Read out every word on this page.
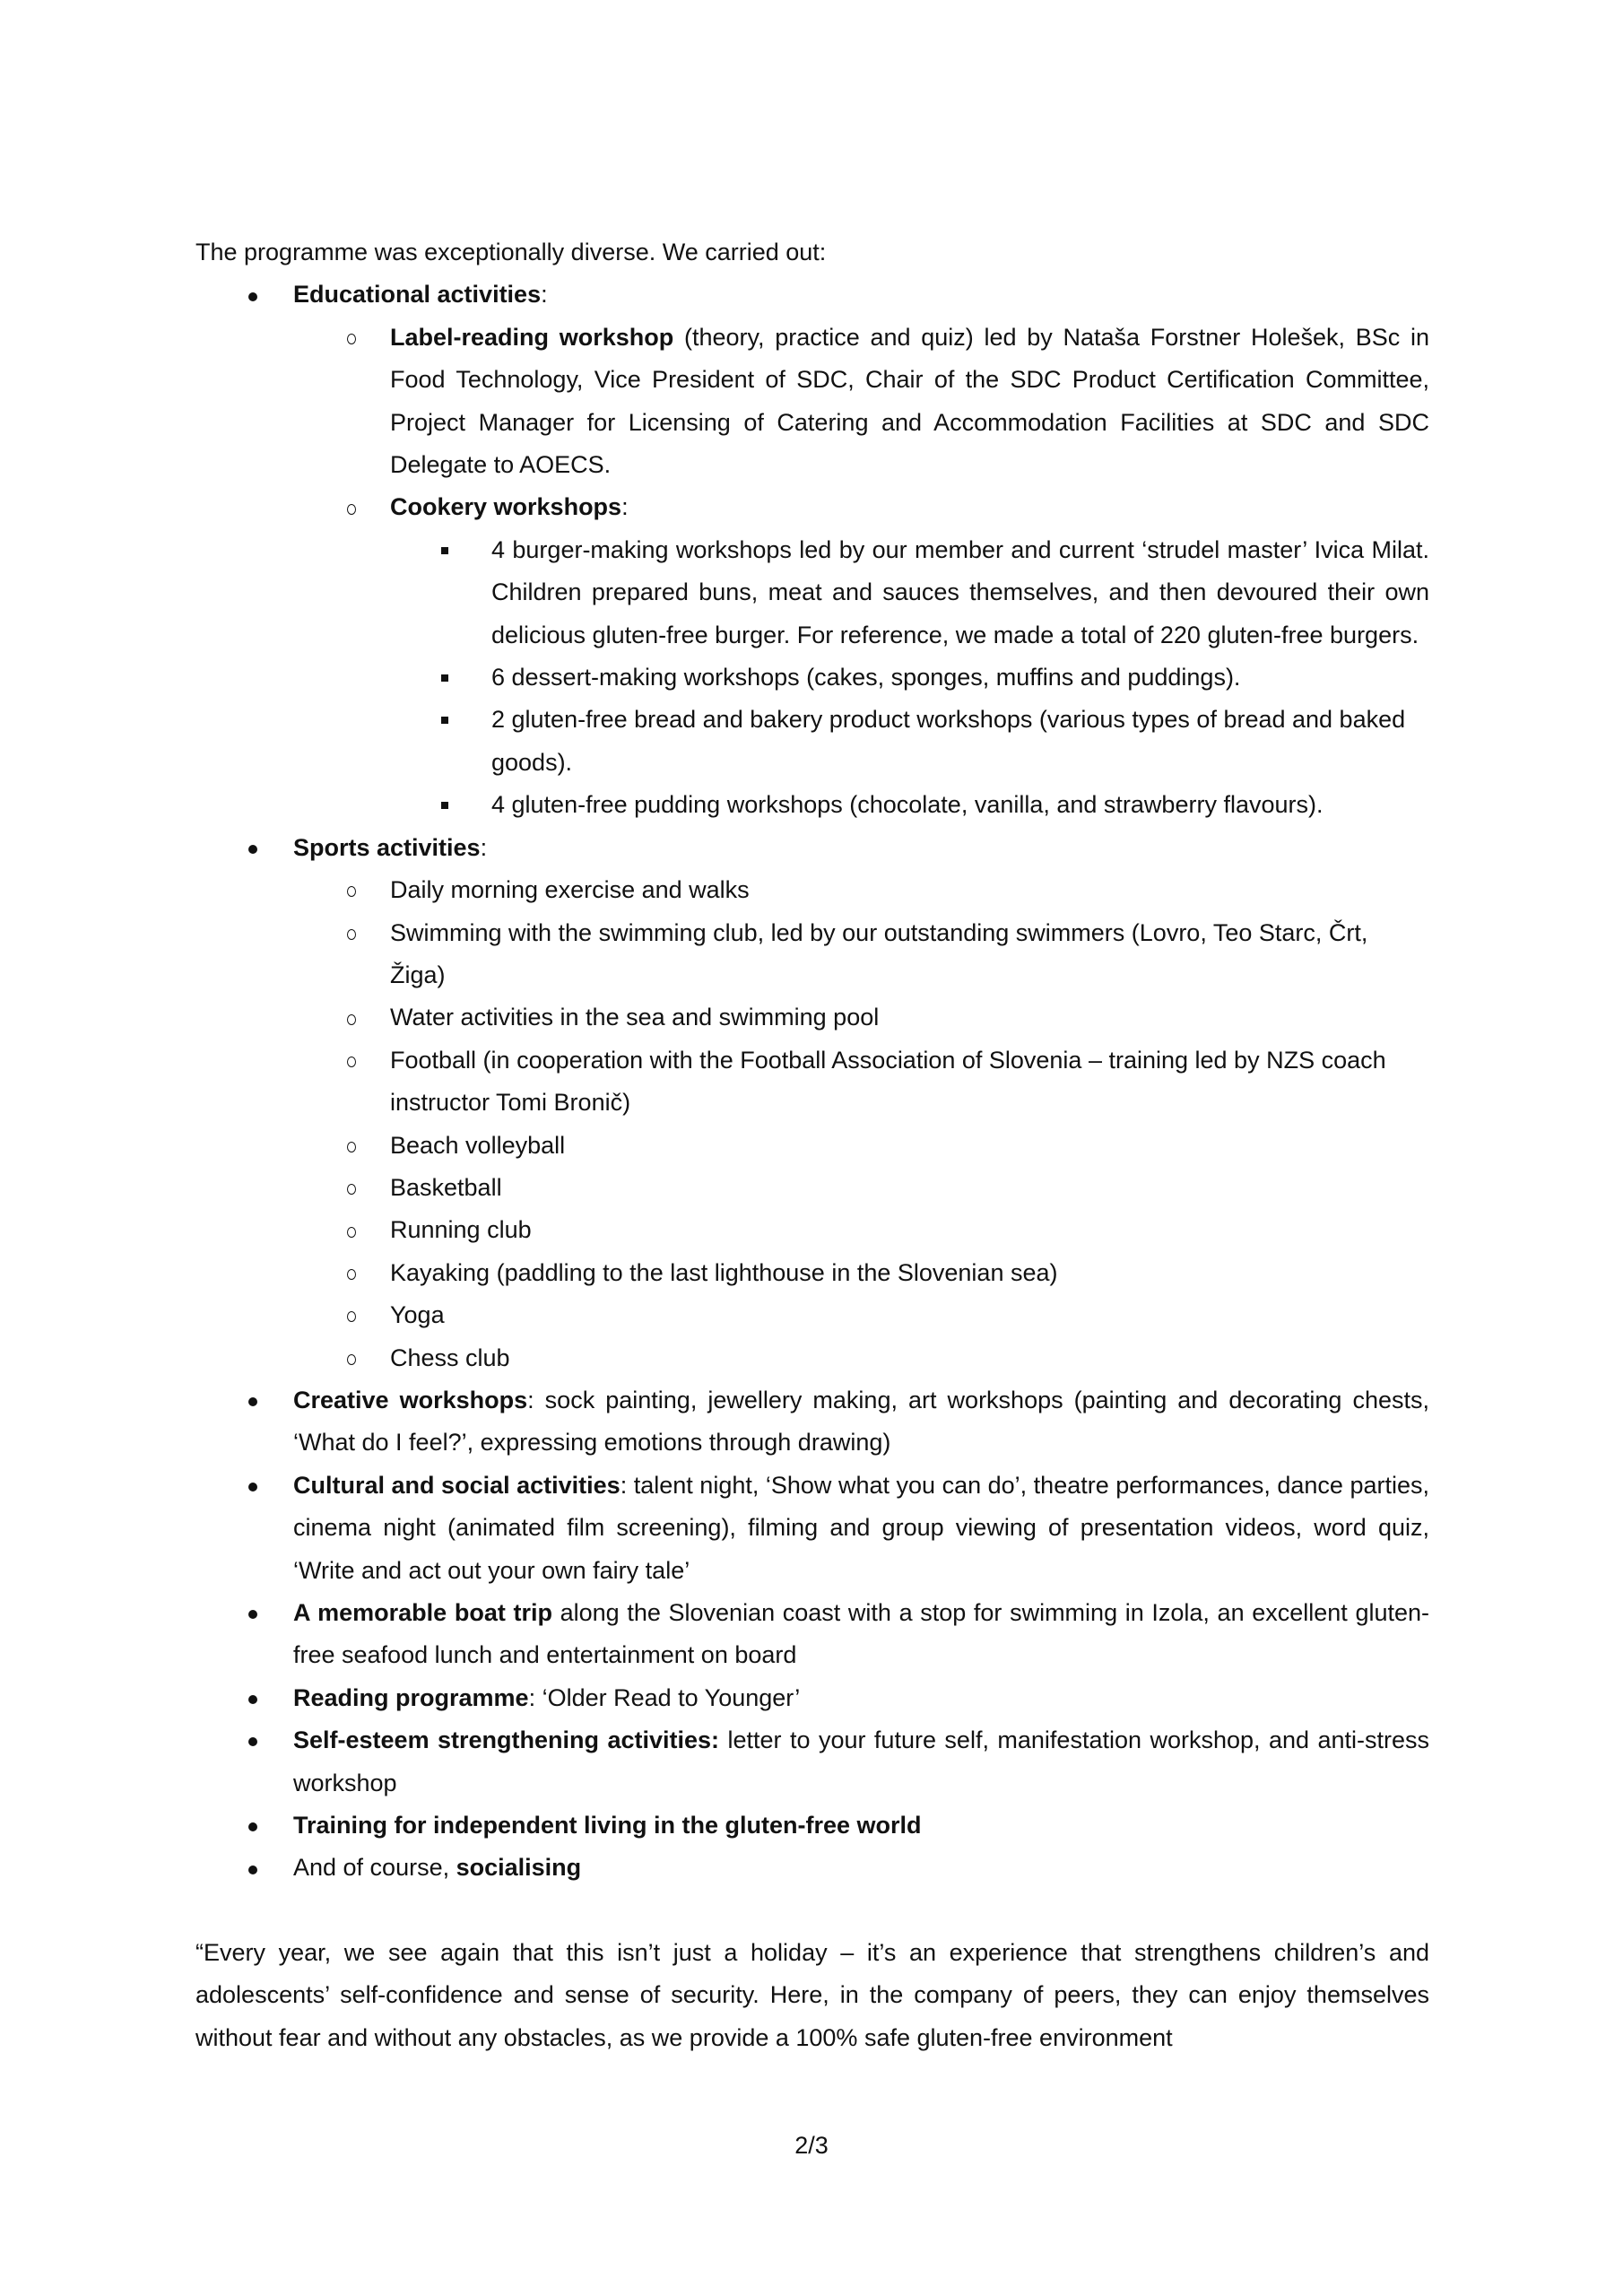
The programme was exceptionally diverse. We carried out:
Educational activities:
Label-reading workshop (theory, practice and quiz) led by Nataša Forstner Holešek, BSc in Food Technology, Vice President of SDC, Chair of the SDC Product Certification Committee, Project Manager for Licensing of Catering and Accommodation Facilities at SDC and SDC Delegate to AOECS.
Cookery workshops:
4 burger-making workshops led by our member and current ‘strudel master’ Ivica Milat. Children prepared buns, meat and sauces themselves, and then devoured their own delicious gluten-free burger. For reference, we made a total of 220 gluten-free burgers.
6 dessert-making workshops (cakes, sponges, muffins and puddings).
2 gluten-free bread and bakery product workshops (various types of bread and baked goods).
4 gluten-free pudding workshops (chocolate, vanilla, and strawberry flavours).
Sports activities:
Daily morning exercise and walks
Swimming with the swimming club, led by our outstanding swimmers (Lovro, Teo Starc, Črt, Žiga)
Water activities in the sea and swimming pool
Football (in cooperation with the Football Association of Slovenia – training led by NZS coach instructor Tomi Bronič)
Beach volleyball
Basketball
Running club
Kayaking (paddling to the last lighthouse in the Slovenian sea)
Yoga
Chess club
Creative workshops: sock painting, jewellery making, art workshops (painting and decorating chests, ‘What do I feel?’, expressing emotions through drawing)
Cultural and social activities: talent night, ‘Show what you can do’, theatre performances, dance parties, cinema night (animated film screening), filming and group viewing of presentation videos, word quiz, ‘Write and act out your own fairy tale’
A memorable boat trip along the Slovenian coast with a stop for swimming in Izola, an excellent gluten-free seafood lunch and entertainment on board
Reading programme: ‘Older Read to Younger’
Self-esteem strengthening activities: letter to your future self, manifestation workshop, and anti-stress workshop
Training for independent living in the gluten-free world
And of course, socialising
“Every year, we see again that this isn’t just a holiday – it’s an experience that strengthens children’s and adolescents’ self-confidence and sense of security. Here, in the company of peers, they can enjoy themselves without fear and without any obstacles, as we provide a 100% safe gluten-free environment
2/3
